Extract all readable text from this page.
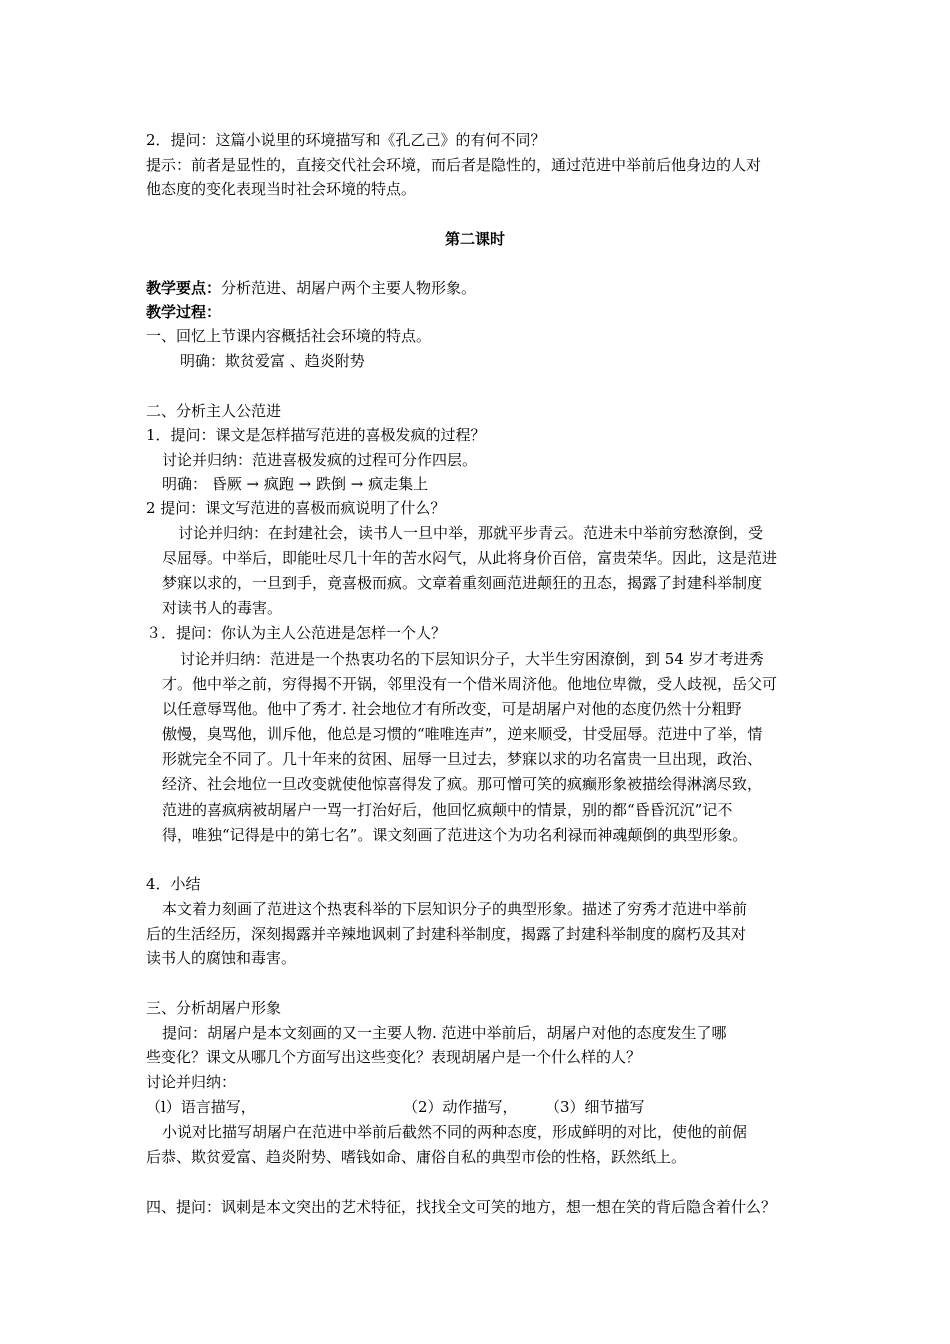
2．提问：这篇小说里的环境描写和《孔乙己》的有何不同？
提示：前者是显性的，直接交代社会环境，而后者是隐性的，通过范进中举前后他身边的人对
他态度的变化表现当时社会环境的特点。
第二课时
教学要点：分析范进、胡屠户两个主要人物形象。
教学过程：
一、回忆上节课内容概括社会环境的特点。
明确：欺贫爱富 、趋炎附势
二、分析主人公范进
1．提问：课文是怎样描写范进的喜极发疯的过程？
讨论并归纳：范进喜极发疯的过程可分作四层。
明确： 昏厥 → 疯跑 → 跌倒 → 疯走集上
2 提问：课文写范进的喜极而疯说明了什么？
讨论并归纳：在封建社会，读书人一旦中举，那就平步青云。范进未中举前穷愁潦倒，受
尽屈辱。中举后，即能吐尽几十年的苦水闷气，从此将身价百倍，富贵荣华。因此，这是范进
梦寐以求的，一旦到手，竟喜极而疯。文章着重刻画范进颠狂的丑态，揭露了封建科举制度
对读书人的毒害。
３．提问：你认为主人公范进是怎样一个人？
讨论并归纳：范进是一个热衷功名的下层知识分子，大半生穷困潦倒，到 54 岁才考进秀
才。他中举之前，穷得揭不开锅，邻里没有一个借米周济他。他地位卑微，受人歧视，岳父可
以任意辱骂他。他中了秀才. 社会地位才有所改变，可是胡屠户对他的态度仍然十分粗野
傲慢，臭骂他，训斥他，他总是习惯的“唯唯连声”，逆来顺受，甘受屈辱。范进中了举，情
形就完全不同了。几十年来的贫困、屈辱一旦过去，梦寐以求的功名富贵一旦出现，政治、
经济、社会地位一旦改变就使他惊喜得发了疯。那可憎可笑的疯癫形象被描绘得淋漓尽致，
范进的喜疯病被胡屠户一骂一打治好后，他回忆疯颠中的情景，别的都“昏昏沉沉”记不
得，唯独“记得是中的第七名”。课文刻画了范进这个为功名利禄而神魂颠倒的典型形象。
4．小结
本文着力刻画了范进这个热衷科举的下层知识分子的典型形象。描述了穷秀才范进中举前
后的生活经历，深刻揭露并辛辣地讽刺了封建科举制度，揭露了封建科举制度的腐朽及其对
读书人的腐蚀和毒害。
三、分析胡屠户形象
提问：胡屠户是本文刻画的又一主要人物. 范进中举前后，胡屠户对他的态度发生了哪
些变化？课文从哪几个方面写出这些变化？表现胡屠户是一个什么样的人？
讨论并归纳：
（l）语言描写，	（2）动作描写， （3）细节描写
小说对比描写胡屠户在范进中举前后截然不同的两种态度，形成鲜明的对比，使他的前倨
后恭、欺贫爱富、趋炎附势、嗜钱如命、庸俗自私的典型市侩的性格，跃然纸上。
四、提问：讽刺是本文突出的艺术特征，找找全文可笑的地方，想一想在笑的背后隐含着什么？
